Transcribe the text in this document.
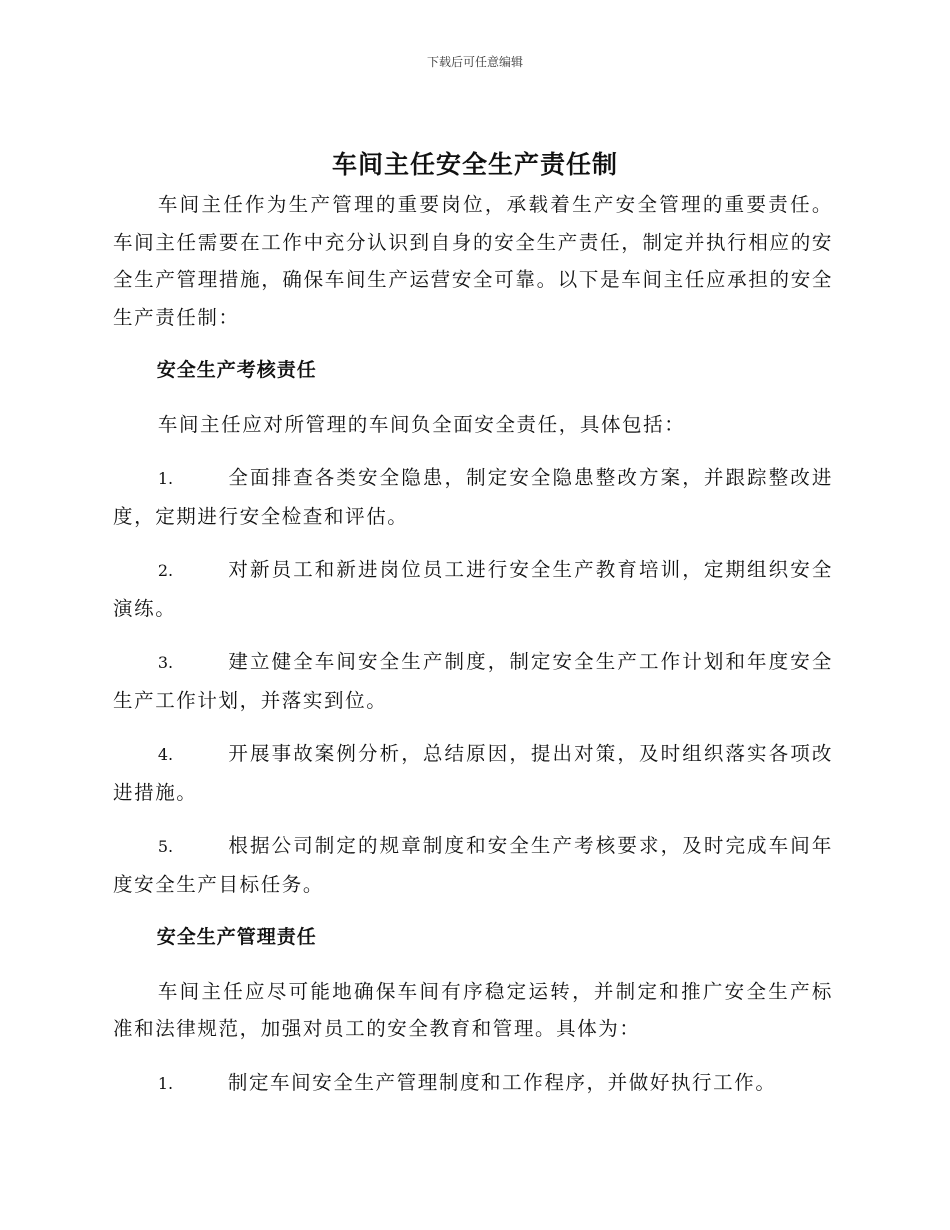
下载后可任意编辑
车间主任安全生产责任制

车间主任作为生产管理的重要岗位，承载着生产安全管理的重要责任。车间主任需要在工作中充分认识到自身的安全生产责任，制定并执行相应的安全生产管理措施，确保车间生产运营安全可靠。以下是车间主任应承担的安全生产责任制：

安全生产考核责任

车间主任应对所管理的车间负全面安全责任，具体包括：

1.	全面排查各类安全隐患，制定安全隐患整改方案，并跟踪整改进度，定期进行安全检查和评估。

2.	对新员工和新进岗位员工进行安全生产教育培训，定期组织安全演练。

3.	建立健全车间安全生产制度，制定安全生产工作计划和年度安全生产工作计划，并落实到位。

4.	开展事故案例分析，总结原因，提出对策，及时组织落实各项改进措施。

5.	根据公司制定的规章制度和安全生产考核要求，及时完成车间年度安全生产目标任务。

安全生产管理责任

车间主任应尽可能地确保车间有序稳定运转，并制定和推广安全生产标准和法律规范，加强对员工的安全教育和管理。具体为：

1.	制定车间安全生产管理制度和工作程序，并做好执行工作。
